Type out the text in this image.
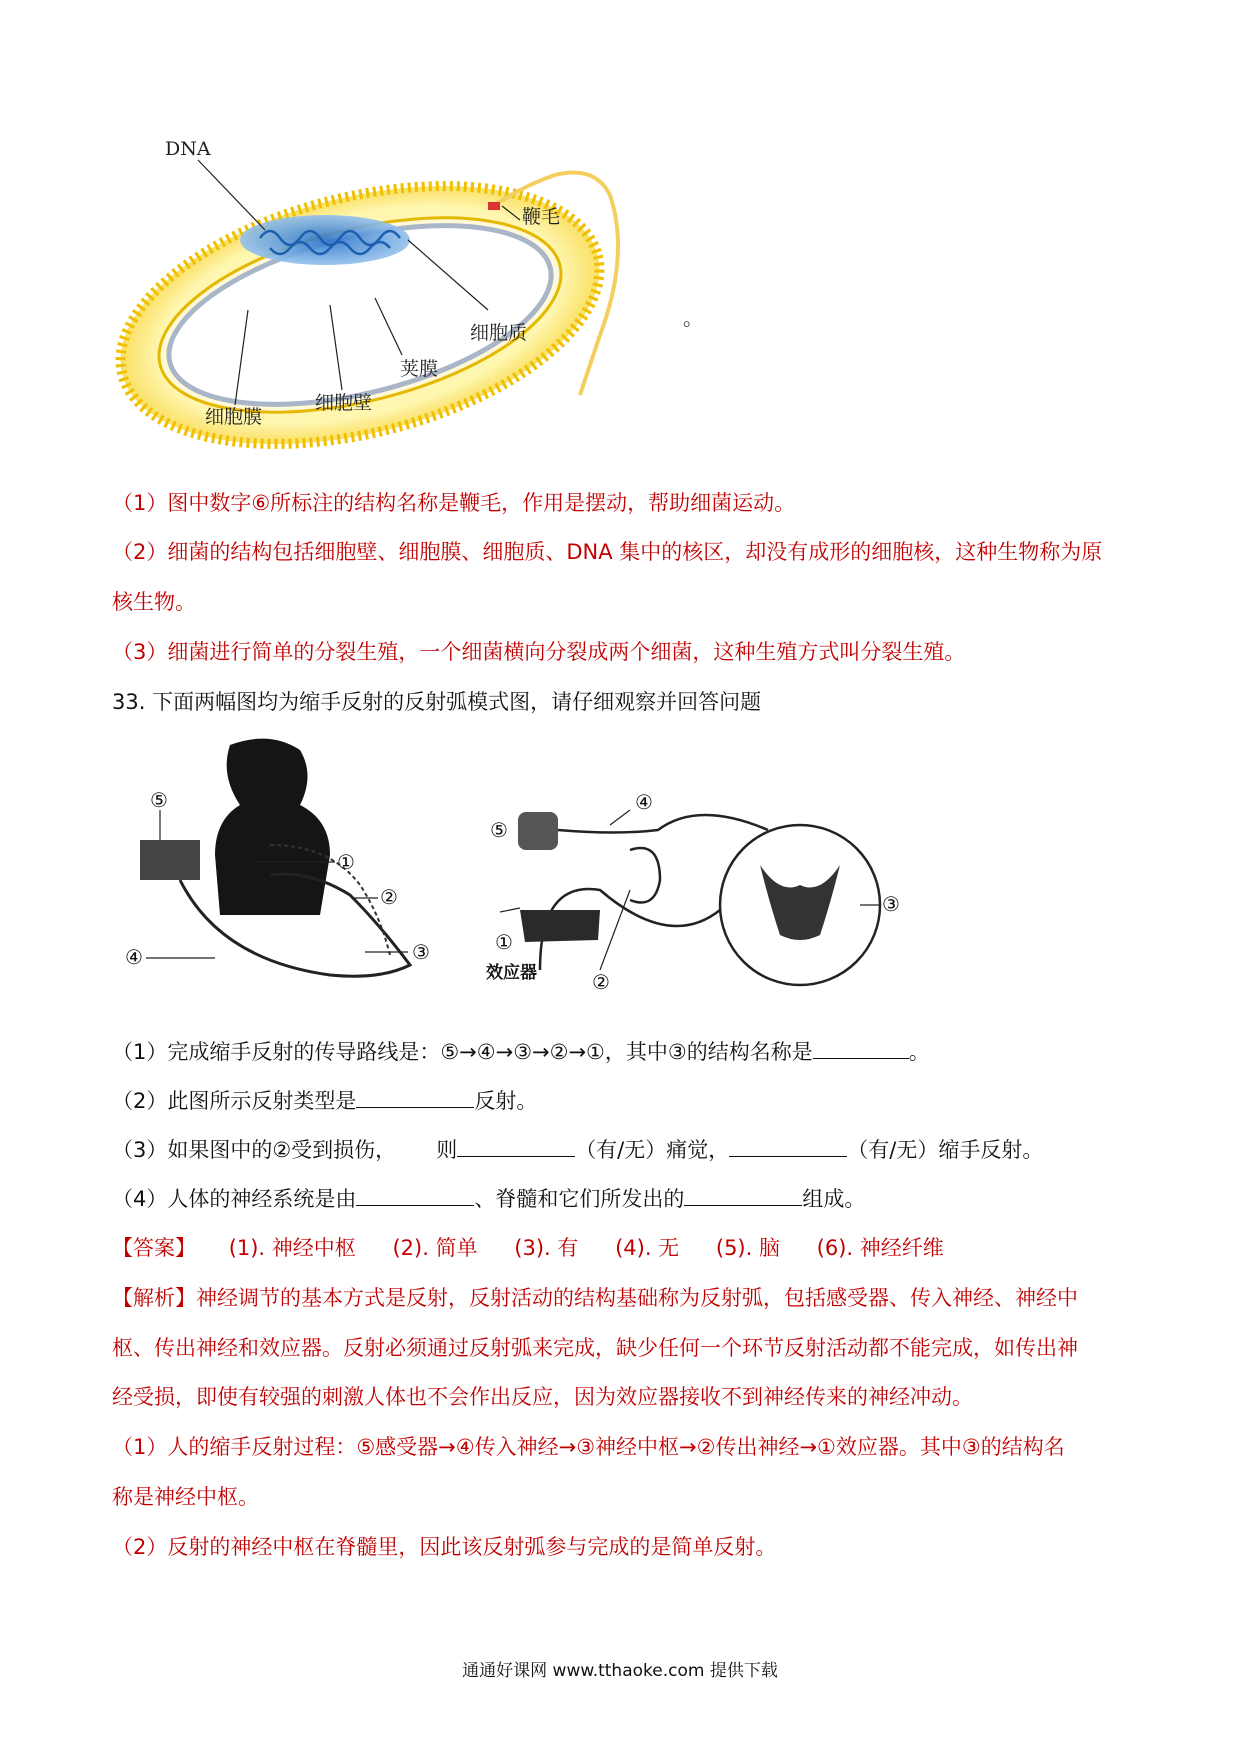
DNA
鞭毛
细胞质
荚膜
细胞壁
细胞膜
。
（1）图中数字⑥所标注的结构名称是鞭毛，作用是摆动，帮助细菌运动。
（2）细菌的结构包括细胞壁、细胞膜、细胞质、DNA 集中的核区，却没有成形的细胞核，这种生物称为原
核生物。
（3）细菌进行简单的分裂生殖，一个细菌横向分裂成两个细菌，这种生殖方式叫分裂生殖。
33. 下面两幅图均为缩手反射的反射弧模式图，请仔细观察并回答问题
⑤
①
②
④	③
⑤
④
③
①
效应器	②
（1）完成缩手反射的传导路线是：⑤→④→③→②→①，其中③的结构名称是	。
（2）此图所示反射类型是	反射。
（3）如果图中的②受到损伤， 则	（有/无）痛觉，	（有/无）缩手反射。
（4）人体的神经系统是由	、脊髓和它们所发出的	组成。
【答案】 (1). 神经中枢 (2). 简单 (3). 有 (4). 无 (5). 脑 (6). 神经纤维
【解析】神经调节的基本方式是反射，反射活动的结构基础称为反射弧，包括感受器、传入神经、神经中
枢、传出神经和效应器。反射必须通过反射弧来完成，缺少任何一个环节反射活动都不能完成，如传出神
经受损，即使有较强的刺激人体也不会作出反应，因为效应器接收不到神经传来的神经冲动。
（1）人的缩手反射过程：⑤感受器→④传入神经→③神经中枢→②传出神经→①效应器。其中③的结构名
称是神经中枢。
（2）反射的神经中枢在脊髓里，因此该反射弧参与完成的是简单反射。
通通好课网 www.tthaoke.com 提供下载
